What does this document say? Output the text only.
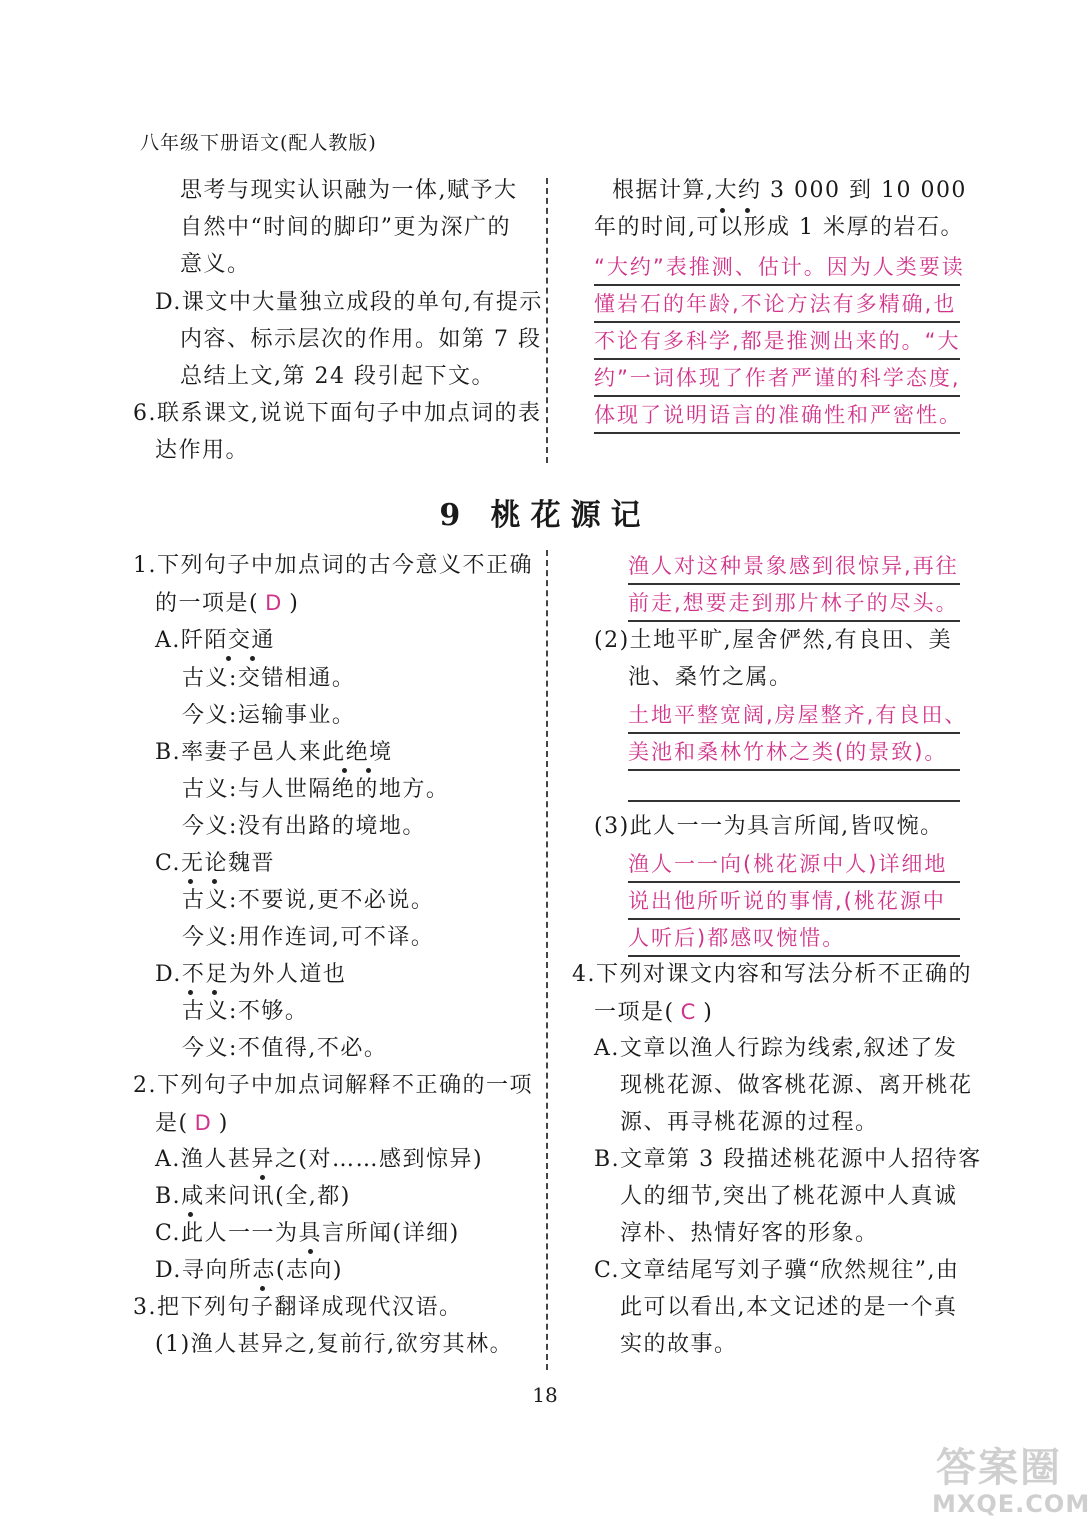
八年级下册语文(配人教版)
思考与现实认识融为一体,赋予大
自然中“时间的脚印”更为深广的
意义。
D.课文中大量独立成段的单句,有提示
内容、标示层次的作用。如第 7 段
总结上文,第 24 段引起下文。
6.联系课文,说说下面句子中加点词的表
达作用。
根据计算,大约 3 000 到 10 000
年的时间,可以形成 1 米厚的岩石。
“大约”表推测、估计。因为人类要读
懂岩石的年龄,不论方法有多精确,也
不论有多科学,都是推测出来的。“大
约”一词体现了作者严谨的科学态度,
体现了说明语言的准确性和严密性。
9 桃花源记
1.下列句子中加点词的古今意义不正确
的一项是( D )
A.阡陌交通
古义:交错相通。
今义:运输事业。
B.率妻子邑人来此绝境
古义:与人世隔绝的地方。
今义:没有出路的境地。
C.无论魏晋
古义:不要说,更不必说。
今义:用作连词,可不译。
D.不足为外人道也
古义:不够。
今义:不值得,不必。
2.下列句子中加点词解释不正确的一项
是( D )
A.渔人甚异之(对……感到惊异)
B.咸来问讯(全,都)
C.此人一一为具言所闻(详细)
D.寻向所志(志向)
3.把下列句子翻译成现代汉语。
(1)渔人甚异之,复前行,欲穷其林。
渔人对这种景象感到很惊异,再往
前走,想要走到那片林子的尽头。
(2)土地平旷,屋舍俨然,有良田、美
池、桑竹之属。
土地平整宽阔,房屋整齐,有良田、
美池和桑林竹林之类(的景致)。
(3)此人一一为具言所闻,皆叹惋。
渔人一一向(桃花源中人)详细地
说出他所听说的事情,(桃花源中
人听后)都感叹惋惜。
4.下列对课文内容和写法分析不正确的
一项是( C )
A.文章以渔人行踪为线索,叙述了发
现桃花源、做客桃花源、离开桃花
源、再寻桃花源的过程。
B.文章第 3 段描述桃花源中人招待客
人的细节,突出了桃花源中人真诚
淳朴、热情好客的形象。
C.文章结尾写刘子骥“欣然规往”,由
此可以看出,本文记述的是一个真
实的故事。
18
答案圈
MXQE.COM
